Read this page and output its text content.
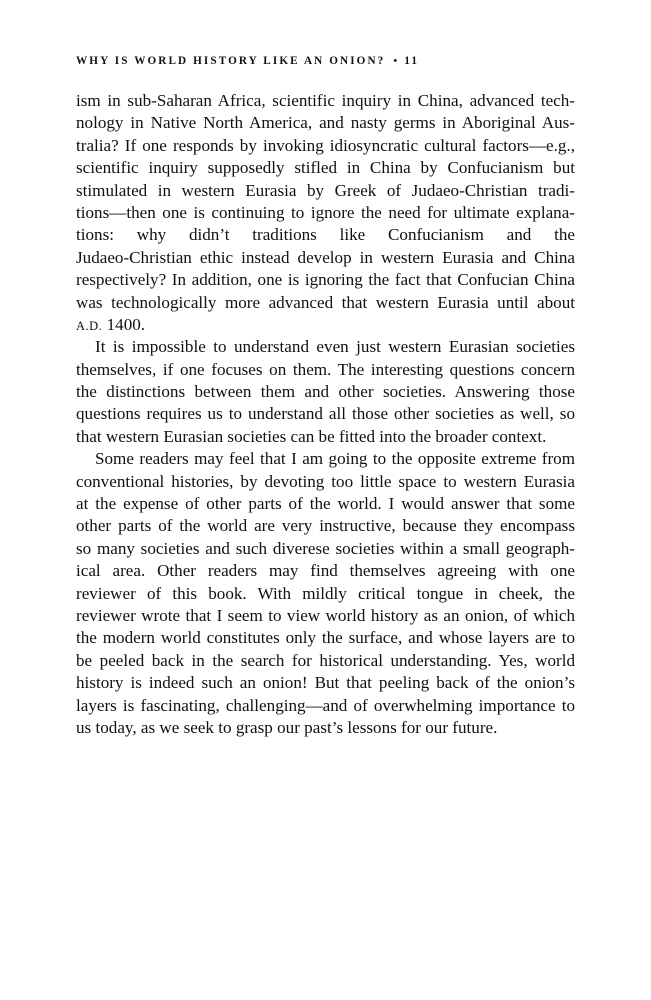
WHY IS WORLD HISTORY LIKE AN ONION? • 11
ism in sub-Saharan Africa, scientific inquiry in China, advanced tech-
nology in Native North America, and nasty germs in Aboriginal Aus-
tralia? If one responds by invoking idiosyncratic cultural factors—e.g.,
scientific inquiry supposedly stifled in China by Confucianism but
stimulated in western Eurasia by Greek of Judaeo-Christian tradi-
tions—then one is continuing to ignore the need for ultimate explana-
tions: why didn’t traditions like Confucianism and the
Judaeo-Christian ethic instead develop in western Eurasia and China
respectively? In addition, one is ignoring the fact that Confucian China
was technologically more advanced that western Eurasia until about
A.D. 1400.
It is impossible to understand even just western Eurasian societies
themselves, if one focuses on them. The interesting questions concern
the distinctions between them and other societies. Answering those
questions requires us to understand all those other societies as well, so
that western Eurasian societies can be fitted into the broader context.
Some readers may feel that I am going to the opposite extreme from
conventional histories, by devoting too little space to western Eurasia
at the expense of other parts of the world. I would answer that some
other parts of the world are very instructive, because they encompass
so many societies and such diverese societies within a small geograph-
ical area. Other readers may find themselves agreeing with one
reviewer of this book. With mildly critical tongue in cheek, the
reviewer wrote that I seem to view world history as an onion, of which
the modern world constitutes only the surface, and whose layers are to
be peeled back in the search for historical understanding. Yes, world
history is indeed such an onion! But that peeling back of the onion’s
layers is fascinating, challenging—and of overwhelming importance to
us today, as we seek to grasp our past’s lessons for our future.
